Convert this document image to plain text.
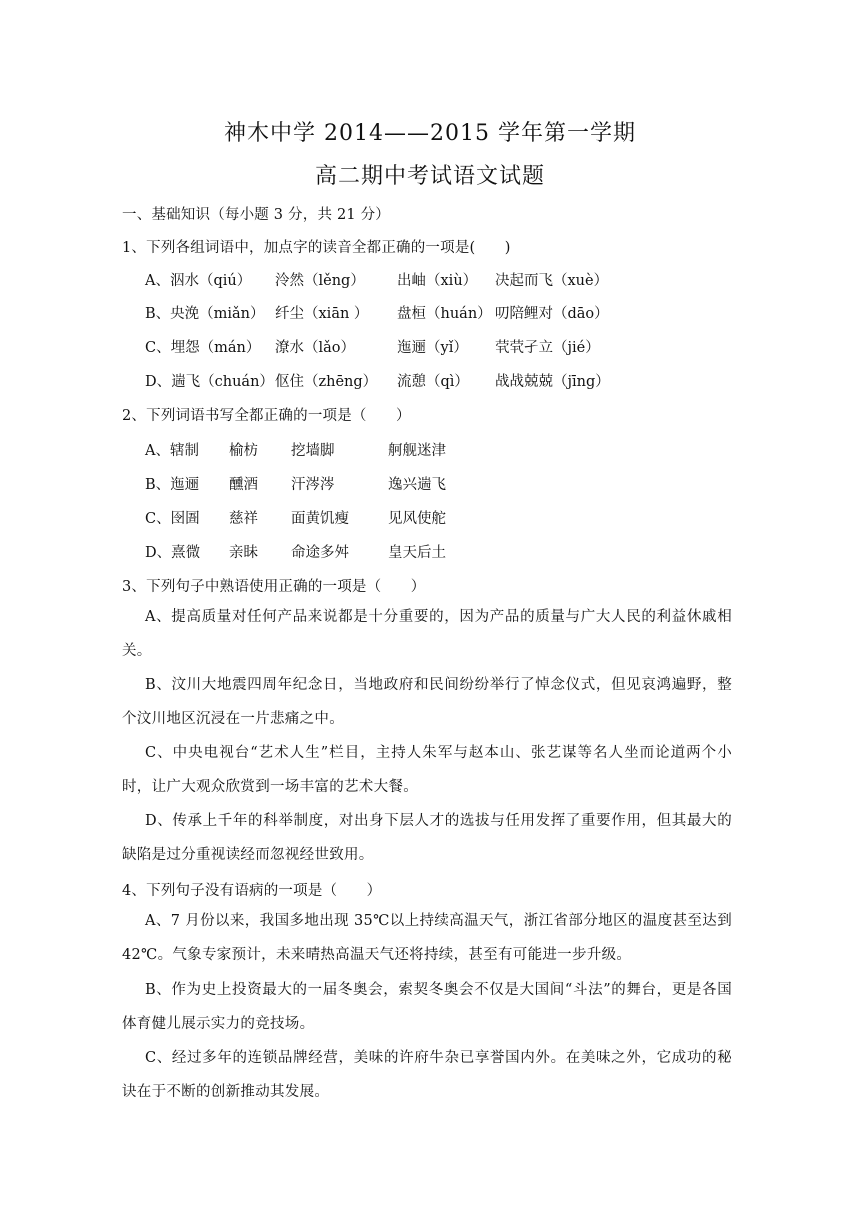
神木中学 2014——2015 学年第一学期
高二期中考试语文试题
一、基础知识（每小题 3 分，共 21 分）
1、下列各组词语中，加点字的读音全都正确的一项是(　　)
A、泅水（qiú） 泠然（lěng） 出岫（xiù） 决起而飞（xuè）
B、央浼（miǎn） 纤尘（xiān ） 盘桓（huán） 叨陪鲤对（dāo）
C、埋怨（mán） 潦水（lǎo）	迤逦（yǐ） 茕茕孑立（jié）
D、遄飞（chuán） 伛住（zhēng） 流憩（qì） 战战兢兢（jīng）
2、下列词语书写全都正确的一项是（　　）
A、辖制 榆枋 挖墙脚	舸舰迷津
B、迤逦 醺酒 汗涔涔	逸兴遄飞
C、囹圄 慈祥 面黄饥瘦	见风使舵
D、熹微 亲眛 命途多舛	皇天后土
3、下列句子中熟语使用正确的一项是（　　）
A、提高质量对任何产品来说都是十分重要的，因为产品的质量与广大人民的利益休戚相关。
B、汶川大地震四周年纪念日，当地政府和民间纷纷举行了悼念仪式，但见哀鸿遍野，整个汶川地区沉浸在一片悲痛之中。
C、中央电视台“艺术人生”栏目，主持人朱军与赵本山、张艺谋等名人坐而论道两个小时，让广大观众欣赏到一场丰富的艺术大餐。
D、传承上千年的科举制度，对出身下层人才的选拔与任用发挥了重要作用，但其最大的缺陷是过分重视读经而忽视经世致用。
4、下列句子没有语病的一项是（　　）
A、7 月份以来，我国多地出现 35℃以上持续高温天气，浙江省部分地区的温度甚至达到42℃。气象专家预计，未来晴热高温天气还将持续，甚至有可能进一步升级。
B、作为史上投资最大的一届冬奥会，索契冬奥会不仅是大国间“斗法”的舞台，更是各国体育健儿展示实力的竞技场。
C、经过多年的连锁品牌经营，美味的许府牛杂已享誉国内外。在美味之外，它成功的秘诀在于不断的创新推动其发展。
